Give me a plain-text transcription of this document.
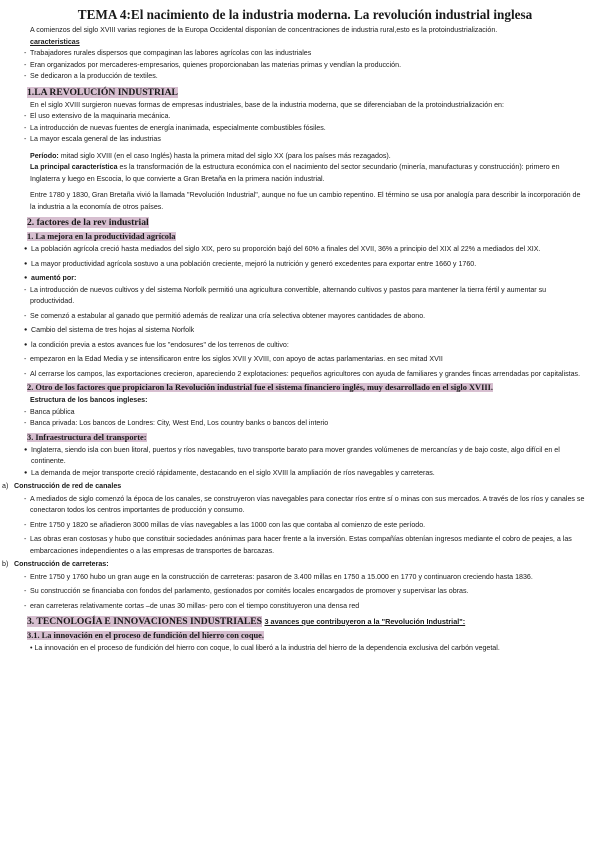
TEMA 4:El nacimiento de la industria moderna. La revolución industrial inglesa

A comienzos del siglo XVIII varias regiones de la Europa Occidental disponían de concentraciones de industria rural,esto es la protoindustrialización.

caracteristicas

- Trabajadores rurales dispersos que compaginan las labores agrícolas con las industriales

- Eran organizados por mercaderes-empresarios, quienes proporcionaban las materias primas y vendían la producción.

- Se dedicaron a la producción de textiles.

1.LA REVOLUCIÓN INDUSTRIAL

En el siglo XVIII surgieron nuevas formas de empresas industriales, base de la industria moderna, que se diferenciaban de la protoindustrialización en:

- El uso extensivo de la maquinaria mecánica.

- La introducción de nuevas fuentes de energía inanimada, especialmente combustibles fósiles.

- La mayor escala general de las industrias

Período: mitad siglo XVIII (en el caso Inglés) hasta la primera mitad del siglo XX (para los países más rezagados).

La principal característica es la transformación de la estructura económica con el nacimiento del sector secundario (minería, manufacturas y construcción): primero en Inglaterra y luego en Escocia, lo que convierte a Gran Bretaña en la primera nación industrial.

Entre 1780 y 1830, Gran Bretaña vivió la llamada "Revolución Industrial", aunque no fue un cambio repentino. El término se usa por analogía para describir la incorporación de la industria a la economía de otros países.

2. factores de la rev industrial
1. La mejora en la productividad agrícola

● La población agrícola creció hasta mediados del siglo XIX, pero su proporción bajó del 60% a finales del XVII, 36% a principio del XIX al 22% a mediados del XIX.

● La mayor productividad agrícola sostuvo a una población creciente, mejoró la nutrición y generó excedentes para exportar entre 1660 y 1760.

● aumentó por:

- La introducción de nuevos cultivos y del sistema Norfolk permitió una agricultura convertible, alternando cultivos y pastos para mantener la tierra fértil y aumentar su productividad.

- Se comenzó a estabular al ganado que permitió además de realizar una cría selectiva obtener mayores cantidades de abono.

● Cambio del sistema de tres hojas al sistema Norfolk

● la condición previa a estos avances fue los "endosures" de los terrenos de cultivo:

- empezaron en la Edad Media y se intensificaron entre los siglos XVII y XVIII, con apoyo de actas parlamentarias. en sec mitad XVII

- Al cerrarse los campos, las exportaciones crecieron, apareciendo 2 explotaciones: pequeños agricultores con ayuda de familiares y grandes fincas arrendadas por capitalistas.

2. Otro de los factores que propiciaron la Revolución industrial fue el sistema financiero inglés, muy desarrollado en el siglo XVIII.

Estructura de los bancos ingleses:

- Banca pública

- Banca privada: Los bancos de Londres: City, West End, Los country banks o bancos del interio

3. Infraestructura del transporte:

● Inglaterra, siendo isla con buen litoral, puertos y ríos navegables, tuvo transporte barato para mover grandes volúmenes de mercancías y de bajo coste, algo difícil en el continente.

● La demanda de mejor transporte creció rápidamente, destacando en el siglo XVIII la ampliación de ríos navegables y carreteras.

a) Construcción de red de canales

- A mediados de siglo comenzó la época de los canales, se construyeron vías navegables para conectar ríos entre sí o minas con sus mercados. A través de los ríos y canales se conectaron todos los centros importantes de producción y consumo.

- Entre 1750 y 1820 se añadieron 3000 millas de vías navegables a las 1000 con las que contaba al comienzo de este período.

- Las obras eran costosas y hubo que constituir sociedades anónimas para hacer frente a la inversión. Estas compañías obtenían ingresos mediante el cobro de peajes, a las embarcaciones independientes o a las empresas de transportes de barcazas.

b) Construcción de carreteras:

- Entre 1750 y 1760 hubo un gran auge en la construcción de carreteras: pasaron de 3.400 millas en 1750 a 15.000 en 1770 y continuaron creciendo hasta 1836.

- Su construcción se financiaba con fondos del parlamento, gestionados por comités locales encargados de promover y supervisar las obras.

- eran carreteras relativamente cortas –de unas 30 millas- pero con el tiempo constituyeron una densa red

3. TECNOLOGÍA E INNOVACIONES INDUSTRIALES 3 avances que contribuyeron a la "Revolución Industrial":
3.1. La innovación en el proceso de fundición del hierro con coque.

• La innovación en el proceso de fundición del hierro con coque, lo cual liberó a la industria del hierro de la dependencia exclusiva del carbón vegetal.
